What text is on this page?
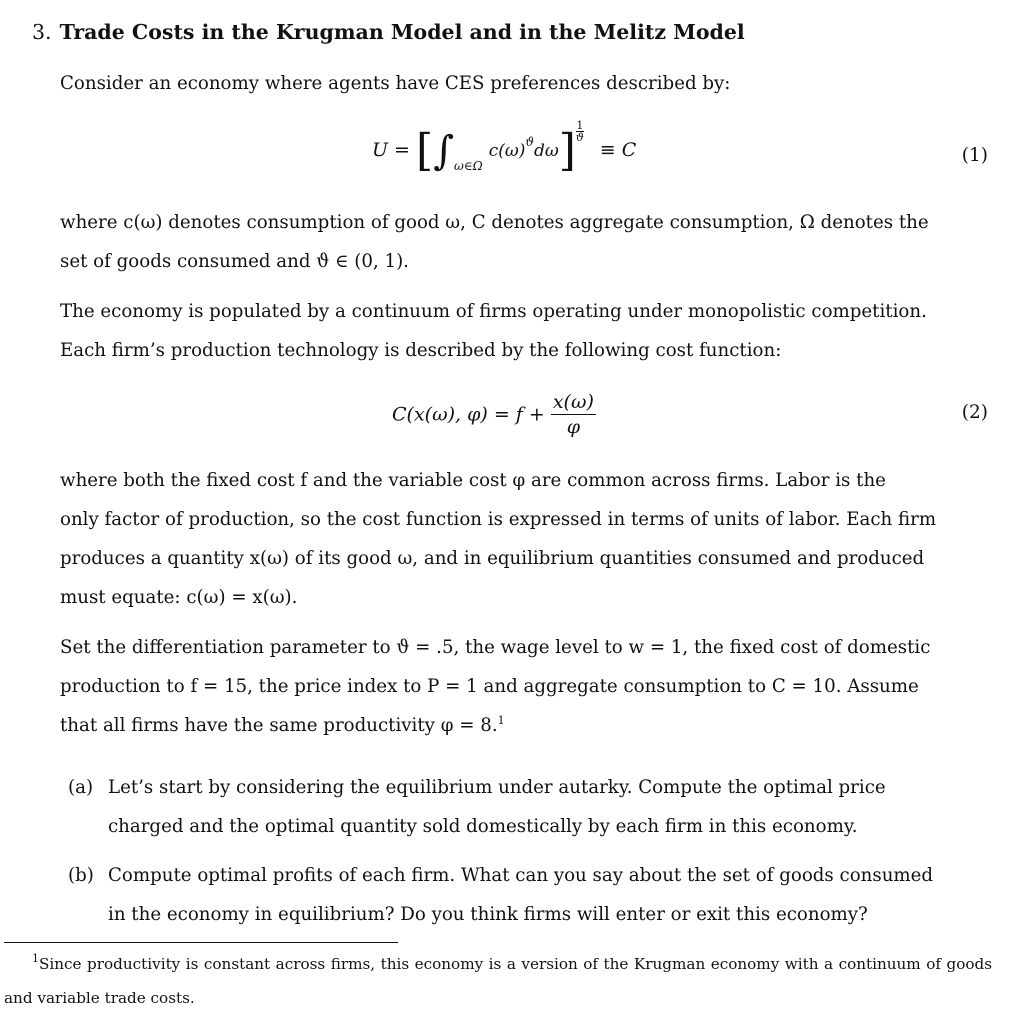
3. Trade Costs in the Krugman Model and in the Melitz Model
Consider an economy where agents have CES preferences described by:
$U = [\int_{\omega\in\Omega}$ $c(\omega)^ϑd\omega] \frac{1}{ϑ}$
≡ C	(1)
where c(ω) denotes consumption of good ω, C denotes aggregate consumption, Ω denotes the
set of goods consumed and ϑ ∈ (0, 1).
The economy is populated by a continuum of firms operating under monopolistic competition.
Each firm’s production technology is described by the following cost function:
C(x(ω), $\varphi) = f + \frac{x(\omega)}{\varphi}$	(2)
where both the fixed cost f and the variable cost φ are common across firms. Labor is the
only factor of production, so the cost function is expressed in terms of units of labor. Each firm
produces a quantity x(ω) of its good ω, and in equilibrium quantities consumed and produced
must equate: c(ω) = x(ω).
Set the differentiation parameter to ϑ = .5, the wage level to w = 1, the fixed cost of domestic
production to f = 15, the price index to P = 1 and aggregate consumption to C = 10. Assume
that all firms have the same productivity φ = 8.$^1$
(a) Let’s start by considering the equilibrium under autarky. Compute the optimal price
charged and the optimal quantity sold domestically by each firm in this economy.
(b) Compute optimal profits of each firm. What can you say about the set of goods consumed
in the economy in equilibrium? Do you think firms will enter or exit this economy?
$^1$Since productivity is constant across firms, this economy is a version of the Krugman economy with a continuum of goods and variable trade costs.
